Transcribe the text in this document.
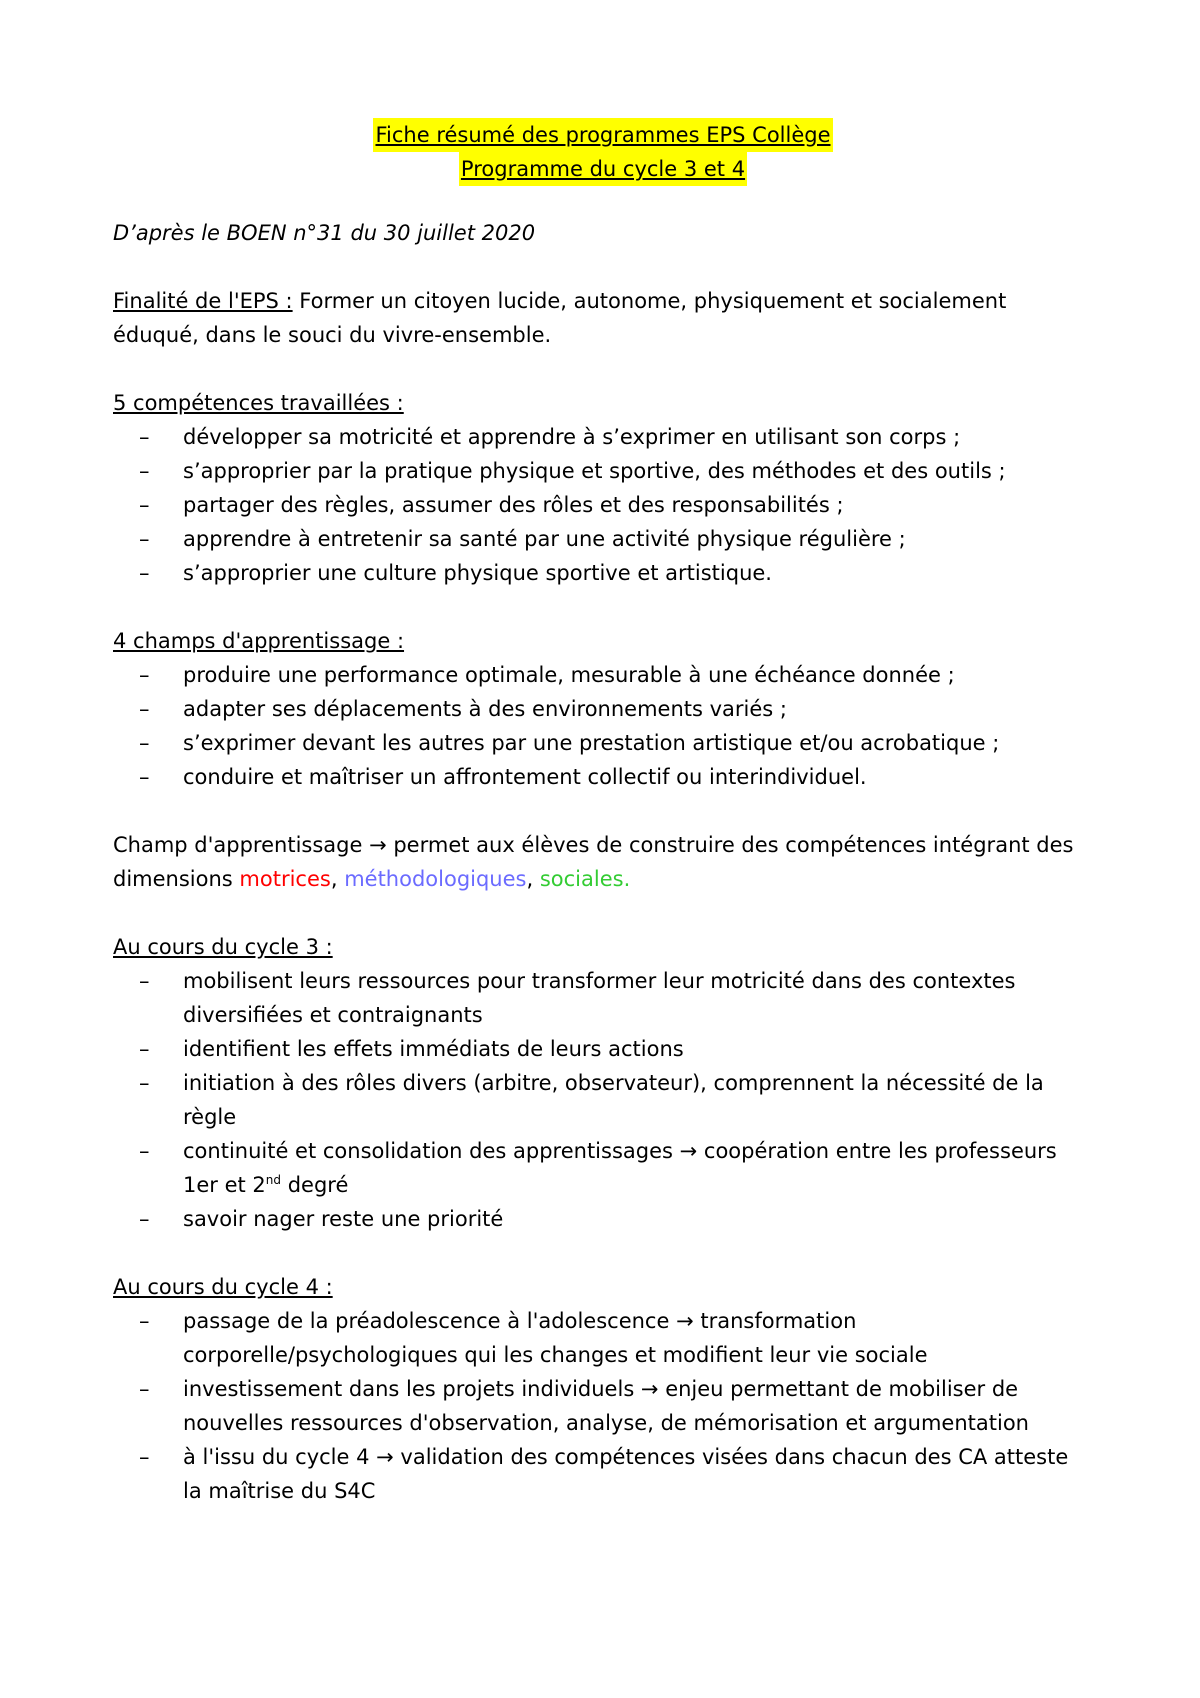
Fiche résumé des programmes EPS Collège
Programme du cycle 3 et 4
D’après le BOEN n°31 du 30 juillet 2020
Finalité de l'EPS : Former un citoyen lucide, autonome, physiquement et socialement éduqué, dans le souci du vivre-ensemble.
5 compétences travaillées :
– développer sa motricité et apprendre à s’exprimer en utilisant son corps ;
– s’approprier par la pratique physique et sportive, des méthodes et des outils ;
– partager des règles, assumer des rôles et des responsabilités ;
– apprendre à entretenir sa santé par une activité physique régulière ;
– s’approprier une culture physique sportive et artistique.
4 champs d'apprentissage :
– produire une performance optimale, mesurable à une échéance donnée ;
– adapter ses déplacements à des environnements variés ;
– s’exprimer devant les autres par une prestation artistique et/ou acrobatique ;
– conduire et maîtriser un affrontement collectif ou interindividuel.
Champ d'apprentissage → permet aux élèves de construire des compétences intégrant des dimensions motrices, méthodologiques, sociales.
Au cours du cycle 3 :
– mobilisent leurs ressources pour transformer leur motricité dans des contextes diversifiées et contraignants
– identifient les effets immédiats de leurs actions
– initiation à des rôles divers (arbitre, observateur), comprennent la nécessité de la règle
– continuité et consolidation des apprentissages → coopération entre les professeurs 1er et 2nd degré
– savoir nager reste une priorité
Au cours du cycle 4 :
– passage de la préadolescence à l'adolescence → transformation corporelle/psychologiques qui les changes et modifient leur vie sociale
– investissement dans les projets individuels → enjeu permettant de mobiliser de nouvelles ressources d'observation, analyse, de mémorisation et argumentation
– à l'issu du cycle 4 → validation des compétences visées dans chacun des CA atteste la maîtrise du S4C
